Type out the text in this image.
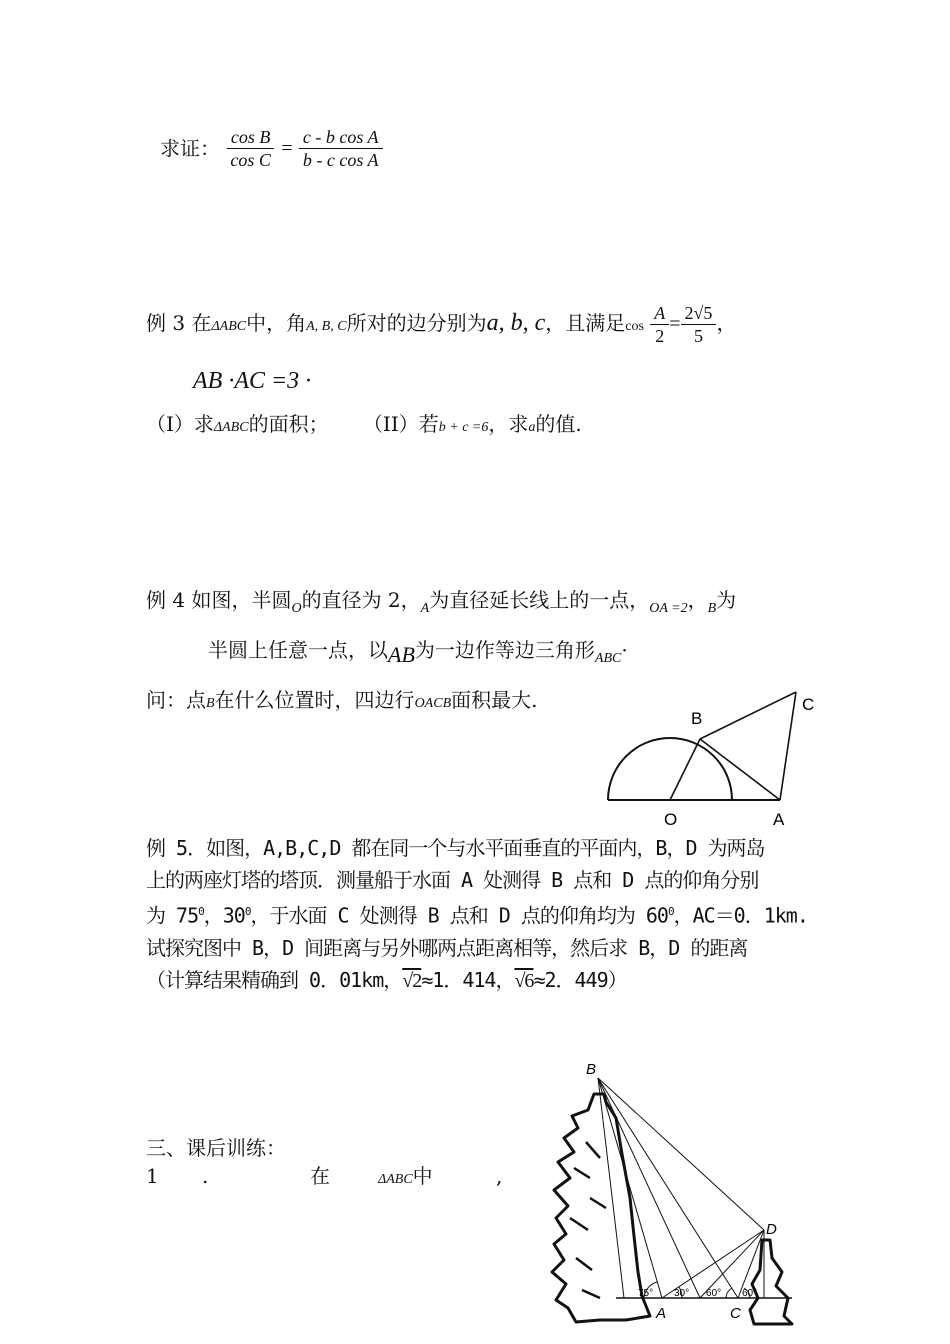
求证： $\frac{\text{cos B}}{\text{cos C}} = \frac{\text{c - b cos A}}{\text{b - c cos A}}$
例 3 在ΔABC中，角A, B, C所对的边分别为a, b, c，且满足$\cos \frac{A}{2} = \frac{2√5}{5}$ ，
AB ·AC =3 ·
（I）求ΔABC的面积； （II）若b + c =6，求a的值.
例 4 如图，半圆$_O$的直径为 2，$_A$为直径延长线上的一点，$_{OA =2}$，$_B$为
半圆上任意一点，以AB为一边作等边三角形$_{ABC}$·
问：点B在什么位置时，四边行OACB面积最大.
B
C
O	A
例 5．如图，A,B,C,D 都在同一个与水平面垂直的平面内，B，D 为两岛
上的两座灯塔的塔顶．测量船于水面 A 处测得 B 点和 D 点的仰角分别
为 $75^0$，$30^0$，于水面 C 处测得 B 点和 D 点的仰角均为 $60^0$，AC＝0．1km.
试探究图中 B，D 间距离与另外哪两点距离相等，然后求 B，D 的距离
（计算结果精确到 0．01km，√2≈1．414，√6≈2．449）
三、课后训练：
1 .	在	ΔABC中	,
B
D
A	C
75° 30° 60° 60°
